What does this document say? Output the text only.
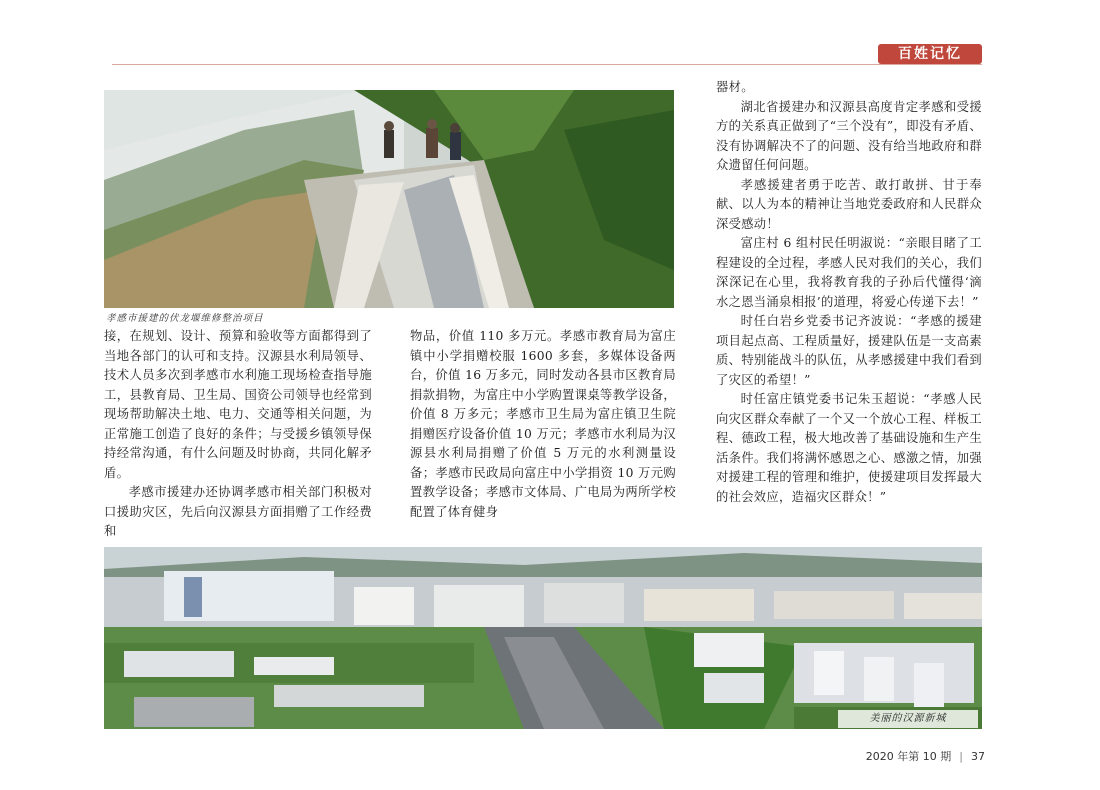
百姓记忆
孝感市援建的伏龙堰维修整治项目

接，在规划、设计、预算和验收等方面都得到了当地各部门的认可和支持。汉源县水利局领导、技术人员多次到孝感市水利施工现场检查指导施工，县教育局、卫生局、国资公司领导也经常到现场帮助解决土地、电力、交通等相关问题，为正常施工创造了良好的条件；与受援乡镇领导保持经常沟通，有什么问题及时协商，共同化解矛盾。

孝感市援建办还协调孝感市相关部门积极对口援助灾区，先后向汉源县方面捐赠了工作经费和

物品，价值 110 多万元。孝感市教育局为富庄镇中小学捐赠校服 1600 多套，多媒体设备两台，价值 16 万多元，同时发动各县市区教育局捐款捐物，为富庄中小学购置课桌等教学设备，价值 8 万多元；孝感市卫生局为富庄镇卫生院捐赠医疗设备价值 10 万元；孝感市水利局为汉源县水利局捐赠了价值 5 万元的水利测量设备；孝感市民政局向富庄中小学捐资 10 万元购置教学设备；孝感市文体局、广电局为两所学校配置了体育健身

器材。

湖北省援建办和汉源县高度肯定孝感和受援方的关系真正做到了“三个没有”，即没有矛盾、没有协调解决不了的问题、没有给当地政府和群众遗留任何问题。

孝感援建者勇于吃苦、敢打敢拼、甘于奉献、以人为本的精神让当地党委政府和人民群众深受感动！

富庄村 6 组村民任明淑说：“亲眼目睹了工程建设的全过程，孝感人民对我们的关心，我们深深记在心里，我将教育我的子孙后代懂得‘滴水之恩当涌泉相报’的道理，将爱心传递下去！”

时任白岩乡党委书记齐波说：“孝感的援建项目起点高、工程质量好，援建队伍是一支高素质、特别能战斗的队伍，从孝感援建中我们看到了灾区的希望！”

时任富庄镇党委书记朱玉超说：“孝感人民向灾区群众奉献了一个又一个放心工程、样板工程、德政工程，极大地改善了基础设施和生产生活条件。我们将满怀感恩之心、感激之情，加强对援建工程的管理和维护，使援建项目发挥最大的社会效应，造福灾区群众！”

美丽的汉源新城
2020 年第 10 期 | 37
